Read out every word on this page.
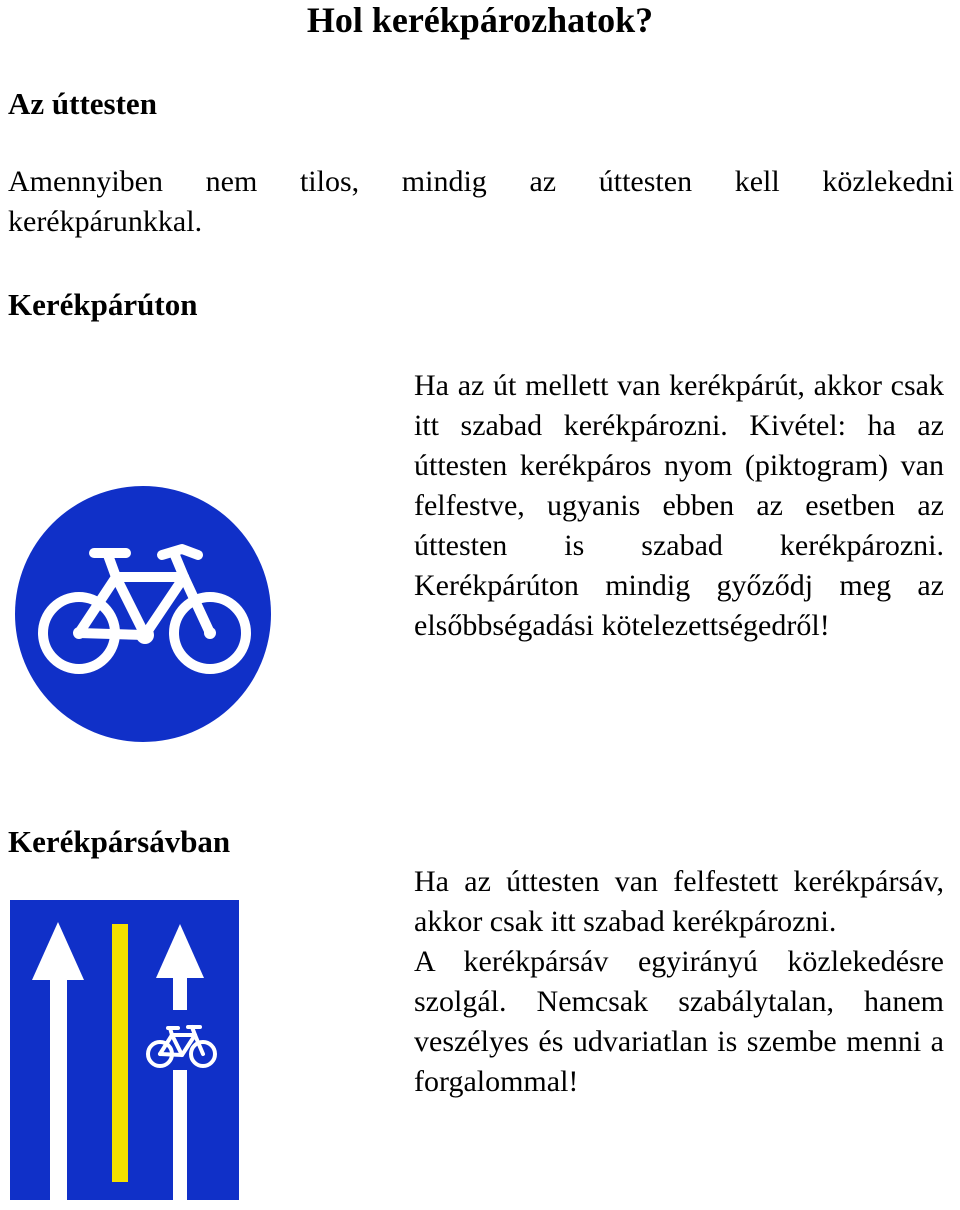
Hol kerékpározhatok?
Az úttesten
Amennyiben nem tilos, mindig az úttesten kell közlekedni
kerékpárunkkal.
Kerékpárúton

Ha az út mellett van kerékpárút, akkor csak itt szabad kerékpározni. Kivétel: ha az úttesten kerékpáros nyom (piktogram) van felfestve, ugyanis ebben az esetben az úttesten is szabad kerékpározni. Kerékpárúton mindig győződj meg az elsőbbségadási kötelezettségedről!

Kerékpársávban

Ha az úttesten van felfestett kerékpársáv, akkor csak itt szabad kerékpározni.

A kerékpársáv egyirányú közlekedésre szolgál. Nemcsak szabálytalan, hanem veszélyes és udvariatlan is szembe menni a forgalommal!
